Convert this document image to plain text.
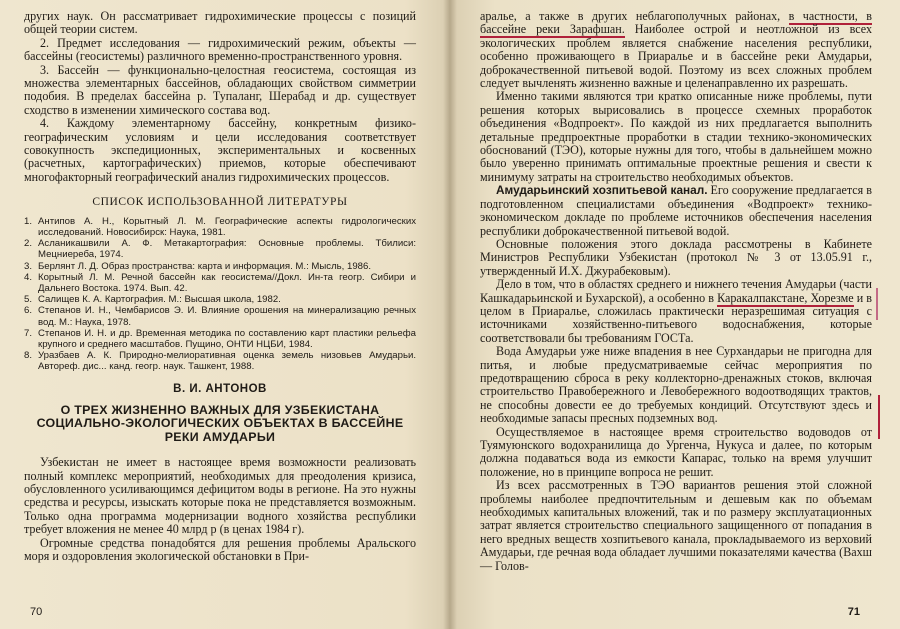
других наук. Он рассматривает гидрохимические процессы с позиций общей теории систем.

2. Предмет исследования — гидрохимический режим, объекты — бассейны (геосистемы) различного временно-пространственного уровня.

3. Бассейн — функционально-целостная геосистема, состоящая из множества элементарных бассейнов, обладающих свойством симметрии подобия. В пределах бассейна р. Тупаланг, Шерабад и др. существует сходство в изменении химического состава вод.

4. Каждому элементарному бассейну, конкретным физико-географическим условиям и цели исследования соответствует совокупность экспедиционных, экспериментальных и косвенных (расчетных, картографических) приемов, которые обеспечивают многофакторный географический анализ гидрохимических процессов.

СПИСОК ИСПОЛЬЗОВАННОЙ ЛИТЕРАТУРЫ
1. Антипов А. Н., Корытный Л. М. Географические аспекты гидрологических исследований. Новосибирск: Наука, 1981.
2. Асланикашвили А. Ф. Метакартография: Основные проблемы. Тбилиси: Мецниереба, 1974.
3. Берлянт Л. Д. Образ пространства: карта и информация. М.: Мысль, 1986.
4. Корытный Л. М. Речной бассейн как геосистема//Докл. Ин-та геогр. Сибири и Дальнего Востока. 1974. Вып. 42.
5. Салищев К. А. Картография. М.: Высшая школа, 1982.
6. Степанов И. Н., Чембарисов Э. И. Влияние орошения на минерализацию речных вод. М.: Наука, 1978.
7. Степанов И. Н. и др. Временная методика по составлению карт пластики рельефа крупного и среднего масштабов. Пущино, ОНТИ НЦБИ, 1984.
8. Уразбаев А. К. Природно-мелиоративная оценка земель низовьев Амударьи. Автореф. дис... канд. геогр. наук. Ташкент, 1988.
В. И. АНТОНОВ
О ТРЕХ ЖИЗНЕННО ВАЖНЫХ ДЛЯ УЗБЕКИСТАНА СОЦИАЛЬНО-ЭКОЛОГИЧЕСКИХ ОБЪЕКТАХ В БАССЕЙНЕ РЕКИ АМУДАРЬИ

Узбекистан не имеет в настоящее время возможности реализовать полный комплекс мероприятий, необходимых для преодоления кризиса, обусловленного усиливающимся дефицитом воды в регионе. На это нужны средства и ресурсы, изыскать которые пока не представляется возможным. Только одна программа модернизации водного хозяйства республики требует вложения не менее 40 млрд р (в ценах 1984 г).

Огромные средства понадобятся для решения проблемы Аральского моря и оздоровления экологической обстановки в При-

70

аралье, а также в других неблагополучных районах, в частности, в бассейне реки Зарафшан. Наиболее острой и неотложной из всех экологических проблем является снабжение населения республики, особенно проживающего в Приаралье и в бассейне реки Амударьи, доброкачественной питьевой водой. Поэтому из всех сложных проблем следует вычленять жизненно важные и целенаправленно их разрешать.

Именно такими являются три кратко описанные ниже проблемы, пути решения которых вырисовались в процессе схемных проработок объединения «Водпроект». По каждой из них предлагается выполнить детальные предпроектные проработки в стадии технико-экономических обоснований (ТЭО), которые нужны для того, чтобы в дальнейшем можно было уверенно принимать оптимальные проектные решения и свести к минимуму затраты на строительство необходимых объектов.

Амударьинский хозпитьевой канал. Его сооружение предлагается в подготовленном специалистами объединения «Водпроект» технико-экономическом докладе по проблеме источников обеспечения населения республики доброкачественной питьевой водой.

Основные положения этого доклада рассмотрены в Кабинете Министров Республики Узбекистан (протокол № 3 от 13.05.91 г., утвержденный И.Х. Джурабековым).

Дело в том, что в областях среднего и нижнего течения Амударьи (части Кашкадарьинской и Бухарской), а особенно в Каракалпакстане, Хорезме и в целом в Приаралье, сложилась практически неразрешимая ситуация с источниками хозяйственно-питьевого водоснабжения, которые соответствовали бы требованиям ГОСТа.

Вода Амударьи уже ниже впадения в нее Сурхандарьи не пригодна для питья, и любые предусматриваемые сейчас мероприятия по предотвращению сброса в реку коллекторно-дренажных стоков, включая строительство Правобережного и Левобережного водоотводящих трактов, не способны довести ее до требуемых кондиций. Отсутствуют здесь и необходимые запасы пресных подземных вод.

Осуществляемое в настоящее время строительство водоводов от Туямуюнского водохранилища до Ургенча, Нукуса и далее, по которым должна подаваться вода из емкости Капарас, только на время улучшит положение, но в принципе вопроса не решит.

Из всех рассмотренных в ТЭО вариантов решения этой сложной проблемы наиболее предпочтительным и дешевым как по объемам необходимых капитальных вложений, так и по размеру эксплуатационных затрат является строительство специального защищенного от попадания в него вредных веществ хозпитьевого канала, прокладываемого из верховий Амударьи, где речная вода обладает лучшими показателями качества (Вахш — Голов-

71
